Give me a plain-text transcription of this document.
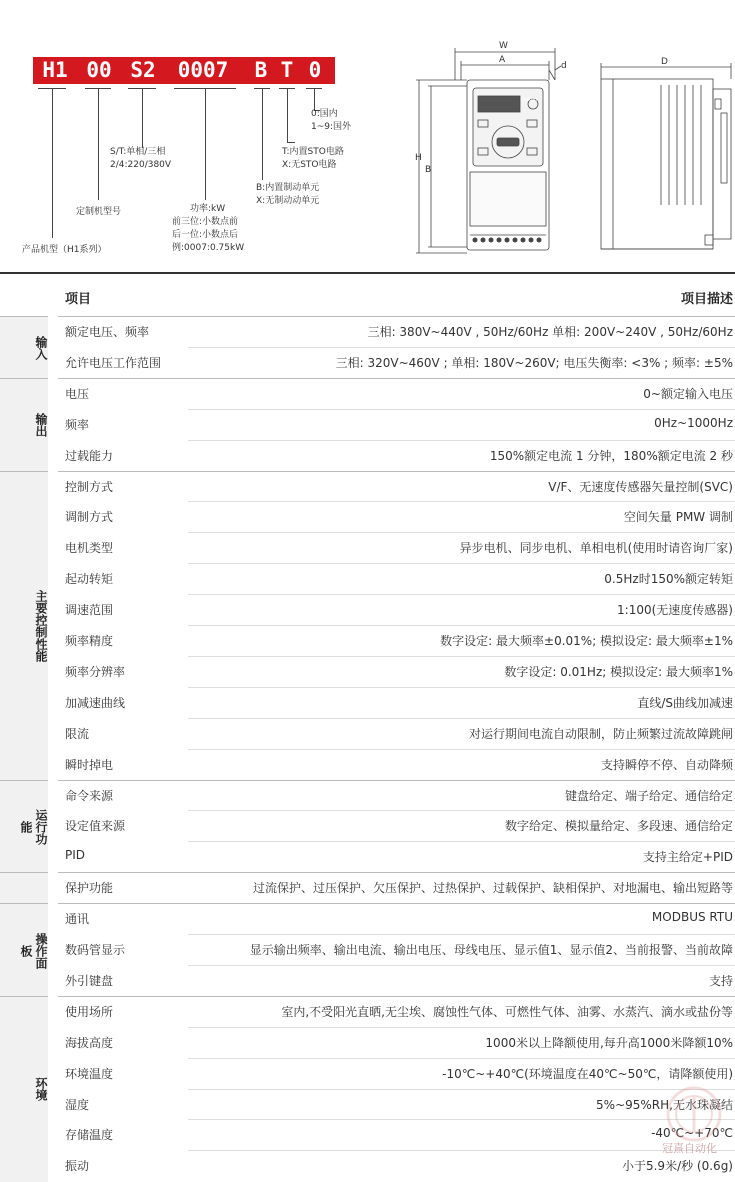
H1 00 S2	0007	B T 0
产品机型（H1系列）
定制机型号
S/T:单相/三相
2/4:220/380V
功率:kW
前三位:小数点前
后一位:小数点后
例:0007:0.75kW
B:内置制动单元
X:无制动动单元
T:内置STO电路
X:无STO电路
0:国内
1~9:国外
W
A
H
B
d
Paikon
D
项目	项目描述
输入
额定电压、频率	三相: 380V~440V , 50Hz/60Hz 单相: 200V~240V , 50Hz/60Hz
允许电压工作范围	三相: 320V~460V ; 单相: 180V~260V; 电压失衡率: <3% ; 频率: ±5%
输出
电压	0~额定输入电压
频率	0Hz~1000Hz
过载能力	150%额定电流 1 分钟，180%额定电流 2 秒
主要控制性能
控制方式	V/F、无速度传感器矢量控制(SVC)
调制方式	空间矢量 PMW 调制
电机类型	异步电机、同步电机、单相电机(使用时请咨询厂家)
起动转矩	0.5Hz时150%额定转矩
调速范围	1:100(无速度传感器)
频率精度	数字设定: 最大频率±0.01%; 模拟设定: 最大频率±1%
频率分辨率	数字设定: 0.01Hz; 模拟设定: 最大频率1%
加减速曲线	直线/S曲线加减速
限流	对运行期间电流自动限制，防止频繁过流故障跳闸
瞬时掉电	支持瞬停不停、自动降频
运行功能
命令来源	键盘给定、端子给定、通信给定
设定值来源	数字给定、模拟量给定、多段速、通信给定
PID	支持主给定+PID
保护功能	过流保护、过压保护、欠压保护、过热保护、过载保护、缺相保护、对地漏电、输出短路等
操作面板
通讯	MODBUS RTU
数码管显示	显示输出频率、输出电流、输出电压、母线电压、显示值1、显示值2、当前报警、当前故障
外引键盘	支持
环境
使用场所	室内,不受阳光直晒,无尘埃、腐蚀性气体、可燃性气体、油雾、水蒸汽、滴水或盐份等
海拔高度	1000米以上降额使用,每升高1000米降额10%
环境温度	-10℃~+40℃(环境温度在40℃~50℃，请降额使用)
湿度	5%~95%RH,无水珠凝结
存储温度	-40℃~+70℃
振动	小于5.9米/秒 (0.6g)
冠熹自动化
